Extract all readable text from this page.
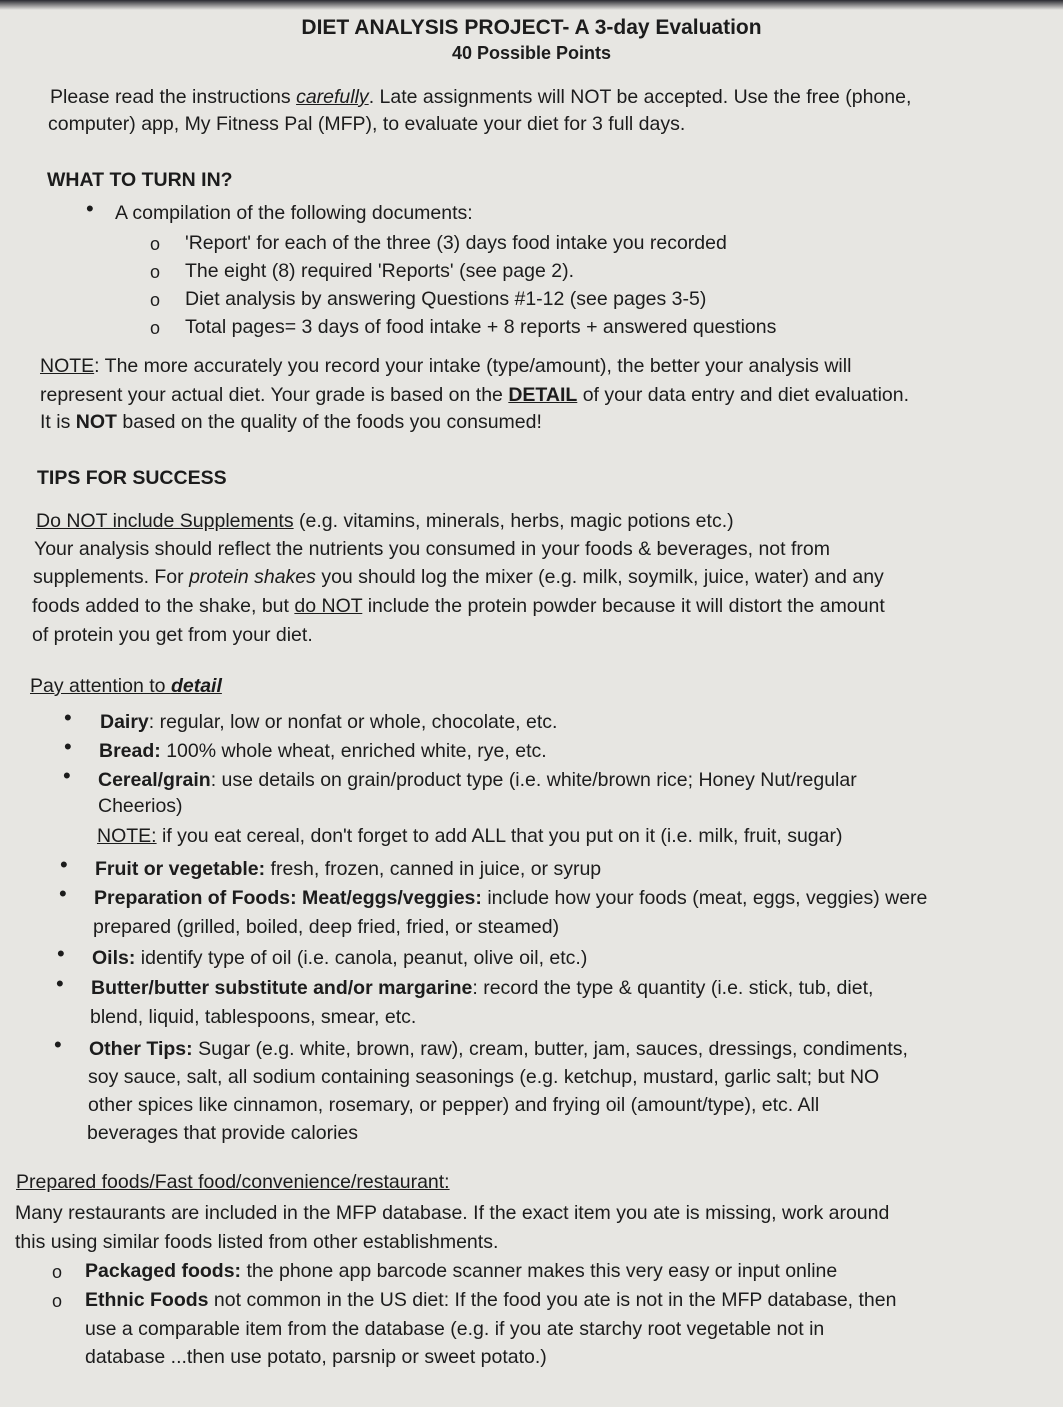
DIET ANALYSIS PROJECT- A 3-day Evaluation
40 Possible Points
Please read the instructions carefully. Late assignments will NOT be accepted. Use the free (phone,
computer) app, My Fitness Pal (MFP), to evaluate your diet for 3 full days.
WHAT TO TURN IN?
• A compilation of the following documents:
o 'Report' for each of the three (3) days food intake you recorded
o The eight (8) required 'Reports' (see page 2).
o Diet analysis by answering Questions #1-12 (see pages 3-5)
o Total pages= 3 days of food intake + 8 reports + answered questions
NOTE: The more accurately you record your intake (type/amount), the better your analysis will
represent your actual diet. Your grade is based on the DETAIL of your data entry and diet evaluation.
It is NOT based on the quality of the foods you consumed!
TIPS FOR SUCCESS
Do NOT include Supplements (e.g. vitamins, minerals, herbs, magic potions etc.)
Your analysis should reflect the nutrients you consumed in your foods & beverages, not from
supplements. For protein shakes you should log the mixer (e.g. milk, soymilk, juice, water) and any
foods added to the shake, but do NOT include the protein powder because it will distort the amount
of protein you get from your diet.
Pay attention to detail
• Dairy: regular, low or nonfat or whole, chocolate, etc.
• Bread: 100% whole wheat, enriched white, rye, etc.
• Cereal/grain: use details on grain/product type (i.e. white/brown rice; Honey Nut/regular
Cheerios)
NOTE: if you eat cereal, don't forget to add ALL that you put on it (i.e. milk, fruit, sugar)
• Fruit or vegetable: fresh, frozen, canned in juice, or syrup
• Preparation of Foods: Meat/eggs/veggies: include how your foods (meat, eggs, veggies) were
prepared (grilled, boiled, deep fried, fried, or steamed)
• Oils: identify type of oil (i.e. canola, peanut, olive oil, etc.)
• Butter/butter substitute and/or margarine: record the type & quantity (i.e. stick, tub, diet,
blend, liquid, tablespoons, smear, etc.
• Other Tips: Sugar (e.g. white, brown, raw), cream, butter, jam, sauces, dressings, condiments,
soy sauce, salt, all sodium containing seasonings (e.g. ketchup, mustard, garlic salt; but NO
other spices like cinnamon, rosemary, or pepper) and frying oil (amount/type), etc. All
beverages that provide calories
Prepared foods/Fast food/convenience/restaurant:
Many restaurants are included in the MFP database. If the exact item you ate is missing, work around
this using similar foods listed from other establishments.
o Packaged foods: the phone app barcode scanner makes this very easy or input online
o Ethnic Foods not common in the US diet: If the food you ate is not in the MFP database, then
use a comparable item from the database (e.g. if you ate starchy root vegetable not in
database ...then use potato, parsnip or sweet potato.)
